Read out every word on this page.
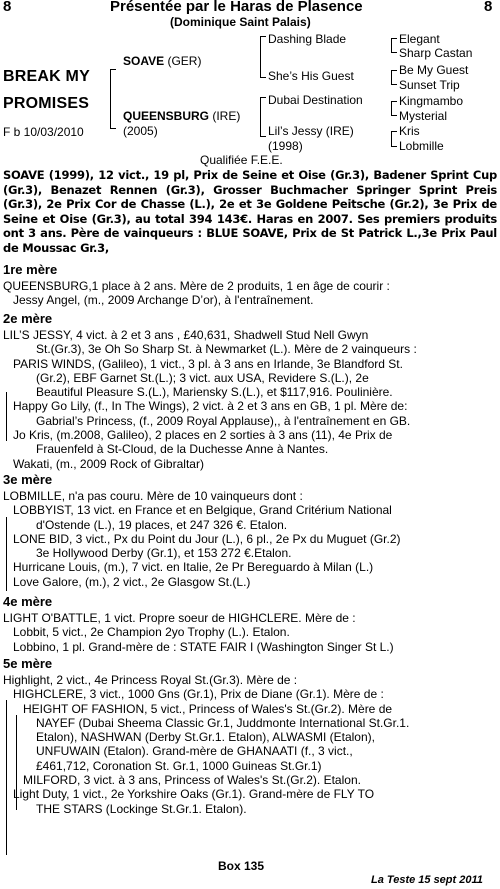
8	Présentée par le Haras de Plasence	8
(Dominique Saint Palais)
BREAK MY
PROMISES
F b 10/03/2010
SOAVE (GER)
QUEENSBURG (IRE)
(2005)
Dashing Blade
She’s His Guest
Dubai Destination
Lil’s Jessy (IRE)
(1998)
Elegant
Sharp Castan
Be My Guest
Sunset Trip
Kingmambo
Mysterial
Kris
Lobmille
Qualifiée F.E.E.
SOAVE (1999), 12 vict., 19 pl, Prix de Seine et Oise (Gr.3), Badener Sprint Cup (Gr.3), Benazet Rennen (Gr.3), Grosser Buchmacher Springer Sprint Preis (Gr.3), 2e Prix Cor de Chasse (L.), 2e et 3e Goldene Peitsche (Gr.2), 3e Prix de Seine et Oise (Gr.3), au total 394 143€. Haras en 2007. Ses premiers produits ont 3 ans. Père de vainqueurs : BLUE SOAVE, Prix de St Patrick L.,3e Prix Paul de Moussac Gr.3,
1re mère
QUEENSBURG,1 place à 2 ans. Mère de 2 produits, 1 en âge de courir :
Jessy Angel, (m., 2009 Archange D’or), à l'entraînement.
2e mère
LIL’S JESSY, 4 vict. à 2 et 3 ans , £40,631, Shadwell Stud Nell Gwyn
St.(Gr.3), 3e Oh So Sharp St. à Newmarket (L.). Mère de 2 vainqueurs :
PARIS WINDS, (Galileo), 1 vict., 3 pl. à 3 ans en Irlande, 3e Blandford St.
(Gr.2), EBF Garnet St.(L.); 3 vict. aux USA, Revidere S.(L.), 2e
Beautiful Pleasure S.(L.), Mariensky S.(L.), et $117,916. Poulinière.
Happy Go Lily, (f., In The Wings), 2 vict. à 2 et 3 ans en GB, 1 pl. Mère de:
Gabrial’s Princess, (f., 2009 Royal Applause),, à l'entraînement en GB.
Jo Kris, (m.2008, Galileo), 2 places en 2 sorties à 3 ans (11), 4e Prix de
Frauenfeld à St-Cloud, de la Duchesse Anne à Nantes.
Wakati, (m., 2009 Rock of Gibraltar)
3e mère
LOBMILLE, n'a pas couru. Mère de 10 vainqueurs dont :
LOBBYIST, 13 vict. en France et en Belgique, Grand Critérium National
d'Ostende (L.), 19 places, et 247 326 €. Etalon.
LONE BID, 3 vict., Px du Point du Jour (L.), 6 pl., 2e Px du Muguet (Gr.2)
3e Hollywood Derby (Gr.1), et 153 272 €.Etalon.
Hurricane Louis, (m.), 7 vict. en Italie, 2e Pr Bereguardo à Milan (L.)
Love Galore, (m.), 2 vict., 2e Glasgow St.(L.)
4e mère
LIGHT O'BATTLE, 1 vict. Propre soeur de HIGHCLERE. Mère de :
Lobbit, 5 vict., 2e Champion 2yo Trophy (L.). Etalon.
Lobbino, 1 pl. Grand-mère de : STATE FAIR I (Washington Singer St L.)
5e mère
Highlight, 2 vict., 4e Princess Royal St.(Gr.3). Mère de :
HIGHCLERE, 3 vict., 1000 Gns (Gr.1), Prix de Diane (Gr.1). Mère de :
HEIGHT OF FASHION, 5 vict., Princess of Wales's St.(Gr.2). Mère de
NAYEF (Dubai Sheema Classic Gr.1, Juddmonte International St.Gr.1.
Etalon), NASHWAN (Derby St.Gr.1. Etalon), ALWASMI (Etalon),
UNFUWAIN (Etalon). Grand-mère de GHANAATI (f., 3 vict.,
£461,712, Coronation St. Gr.1, 1000 Guineas St.Gr.1)
MILFORD, 3 vict. à 3 ans, Princess of Wales's St.(Gr.2). Etalon.
Light Duty, 1 vict., 2e Yorkshire Oaks (Gr.1). Grand-mère de FLY TO
THE STARS (Lockinge St.Gr.1. Etalon).
Box 135
La Teste 15 sept 2011
